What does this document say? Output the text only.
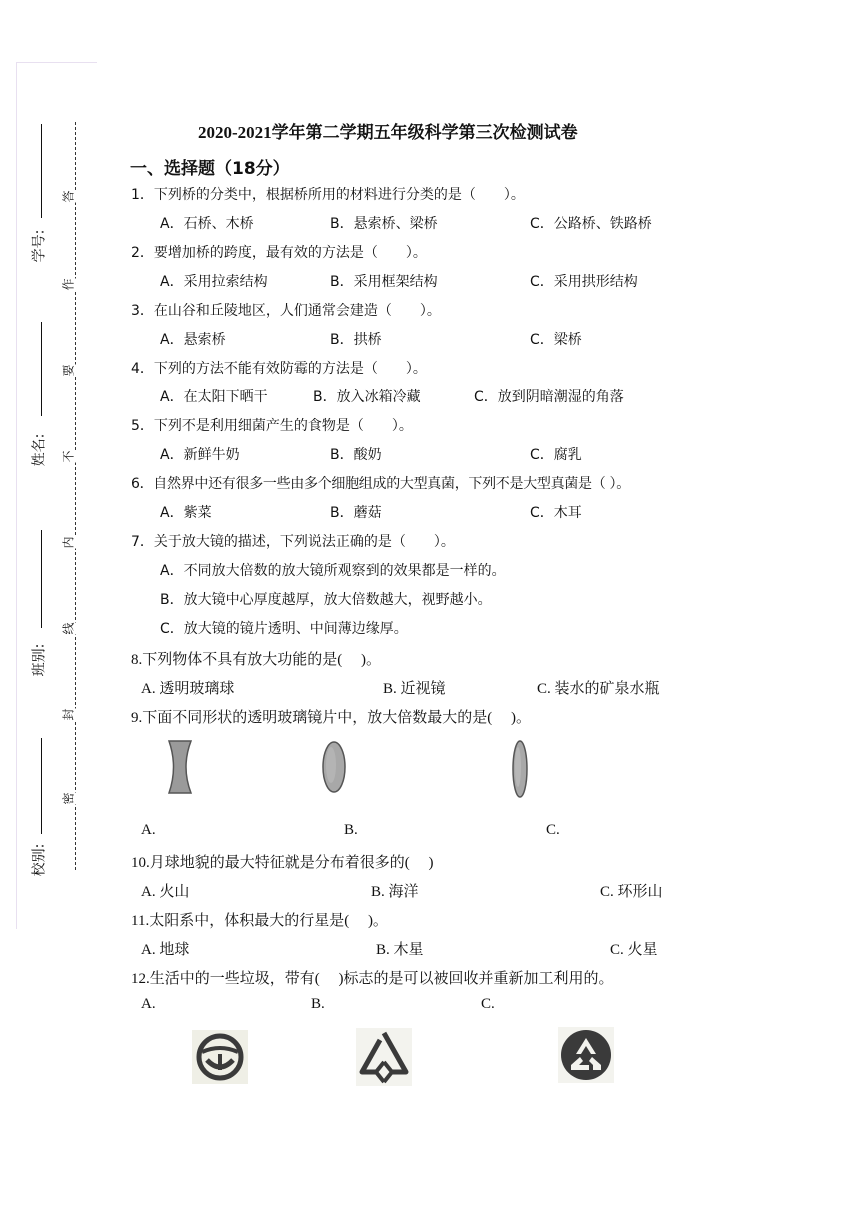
学号:
姓名:
班别:
校别:
答
作
要
不
内
线
封
密
2020-2021学年第二学期五年级科学第三次检测试卷
一、选择题（18分）
1．下列桥的分类中，根据桥所用的材料进行分类的是（　　）。
A．石桥、木桥	B．悬索桥、梁桥	C．公路桥、铁路桥
2．要增加桥的跨度，最有效的方法是（　　）。
A．采用拉索结构	B．采用框架结构	C．采用拱形结构
3．在山谷和丘陵地区，人们通常会建造（　　）。
A．悬索桥	B．拱桥	C．梁桥
4．下列的方法不能有效防霉的方法是（　　）。
A．在太阳下晒干	B．放入冰箱冷藏	C．放到阴暗潮湿的角落
5．下列不是利用细菌产生的食物是（　　）。
A．新鲜牛奶	B．酸奶	C．腐乳
6．自然界中还有很多一些由多个细胞组成的大型真菌，下列不是大型真菌是（ ）。
A．紫菜	B．蘑菇	C．木耳
7．关于放大镜的描述，下列说法正确的是（　　）。
A．不同放大倍数的放大镜所观察到的效果都是一样的。
B．放大镜中心厚度越厚，放大倍数越大，视野越小。
C．放大镜的镜片透明、中间薄边缘厚。
8.下列物体不具有放大功能的是(　 )。
A. 透明玻璃球	B. 近视镜	C. 装水的矿泉水瓶
9.下面不同形状的透明玻璃镜片中，放大倍数最大的是(　 )。
A.	B.	C.
10.月球地貌的最大特征就是分布着很多的(　 )
A. 火山	B. 海洋	C. 环形山
11.太阳系中，体积最大的行星是(　 )。
A. 地球	B. 木星	C. 火星
12.生活中的一些垃圾，带有(　 )标志的是可以被回收并重新加工利用的。
A.	B.	C.
